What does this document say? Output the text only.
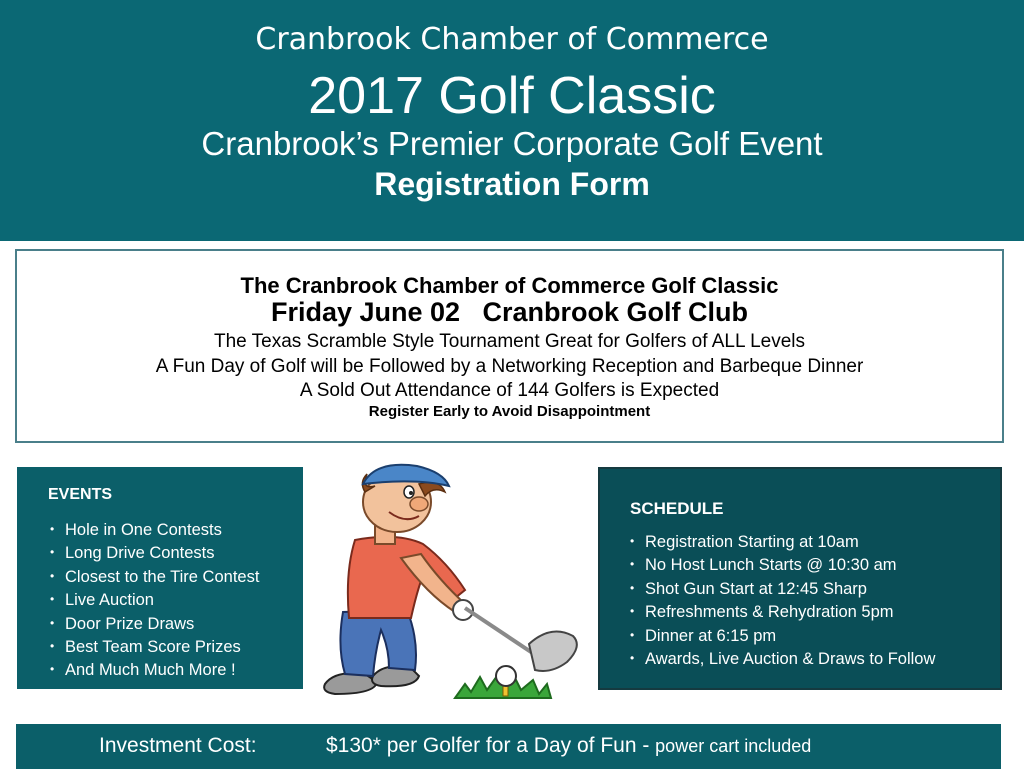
Cranbrook Chamber of Commerce
2017 Golf Classic
Cranbrook’s Premier Corporate Golf Event
Registration Form
The Cranbrook Chamber of Commerce Golf Classic
Friday June 02   Cranbrook Golf Club
The Texas Scramble Style Tournament Great for Golfers of ALL Levels
A Fun Day of Golf will be Followed by a Networking Reception and Barbeque Dinner
A Sold Out Attendance of 144 Golfers is Expected
Register Early to Avoid Disappointment
EVENTS
• Hole in One Contests
• Long Drive Contests
• Closest to the Tire Contest
• Live Auction
• Door Prize Draws
• Best Team Score Prizes
• And Much Much More !
SCHEDULE
• Registration Starting at 10am
• No Host Lunch Starts @ 10:30 am
• Shot Gun Start at 12:45 Sharp
• Refreshments & Rehydration 5pm
• Dinner at 6:15 pm
• Awards, Live Auction & Draws to Follow

Investment Cost:

	$130* per Golfer for a Day of Fun - power cart included
